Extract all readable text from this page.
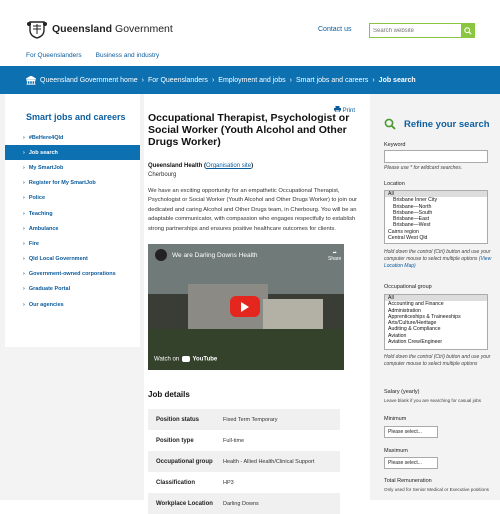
Queensland Government	Contact us
Search website
For Queenslanders Business and industry
Queensland Government home › For Queenslanders › Employment and jobs › Smart jobs and careers › Job search
Smart jobs and careers
› #BeHere4Qld
› Job search
› My SmartJob
› Register for My SmartJob
› Police
› Teaching
› Ambulance
› Fire
› Qld Local Government
› Government-owned corporations
› Graduate Portal
› Our agencies
Print
Occupational Therapist, Psychologist or Social Worker (Youth Alcohol and Other Drugs Worker)
Queensland Health (Organisation site)
Cherbourg
We have an exciting opportunity for an empathetic Occupational Therapist, Psychologist or Social Worker (Youth Alcohol and Other Drugs Worker) to join our dedicated and caring Alcohol and Other Drugs team, in Cherbourg. You will be an adaptable communicator, with compassion who engages respectfully to establish strong partnerships and ensures positive healthcare outcomes for clients.
We are Darling Downs Health	➦
Share
Watch on YouTube
Job details
Position status	Fixed Term Temporary
Position type	Full-time
Occupational group	Health - Allied Health/Clinical Support
Classification	HP3
Workplace Location	Darling Downs
Refine your search
Keyword
Please use * for wildcard searches.
Location
All
Brisbane Inner City
Brisbane—North
Brisbane—South
Brisbane—East
Brisbane—West
Cairns region
Central West Qld
Hold down the control (Ctrl) button and use your computer mouse to select multiple options (View Location Map)
Occupational group
All
Accounting and Finance
Administration
Apprenticeships & Traineeships
Arts/Culture/Heritage
Auditing & Compliance
Aviation
Aviation Crew/Engineer
Hold down the control (Ctrl) button and use your computer mouse to select multiple options
Salary (yearly)
Leave blank if you are searching for casual jobs
Minimum
Please select...
Maximum
Please select...
Total Remuneration
Only used for Senior Medical or Executive positions
